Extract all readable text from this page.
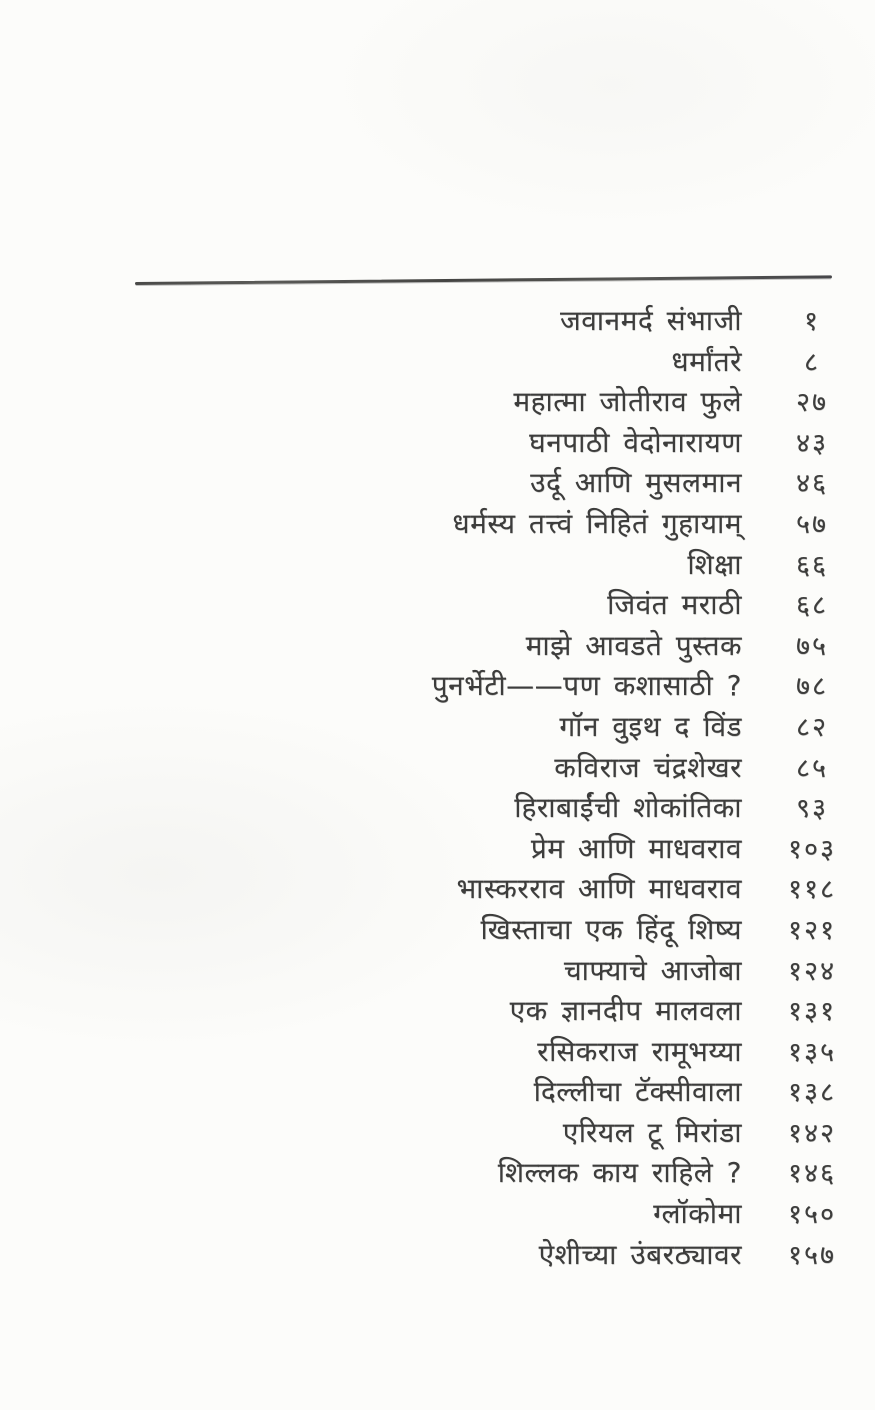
जवानमर्द संभाजी	१
धर्मांतरे	८
महात्मा जोतीराव फुले	२७
घनपाठी वेदोनारायण	४३
उर्दू आणि मुसलमान	४६
धर्मस्य तत्त्वं निहितं गुहायाम्	५७
शिक्षा	६६
जिवंत मराठी	६८
माझे आवडते पुस्तक	७५
पुनर्भेटी——पण कशासाठी ?	७८
गॉन वुइथ द विंड	८२
कविराज चंद्रशेखर	८५
हिराबाईंची शोकांतिका	९३
प्रेम आणि माधवराव	१०३
भास्करराव आणि माधवराव	११८
खिस्ताचा एक हिंदू शिष्य	१२१
चाफ्याचे आजोबा	१२४
एक ज्ञानदीप मालवला	१३१
रसिकराज रामूभय्या	१३५
दिल्लीचा टॅक्सीवाला	१३८
एरियल टू मिरांडा	१४२
शिल्लक काय राहिले ?	१४६
ग्लॉकोमा	१५०
ऐशीच्या उंबरठ्यावर	१५७
